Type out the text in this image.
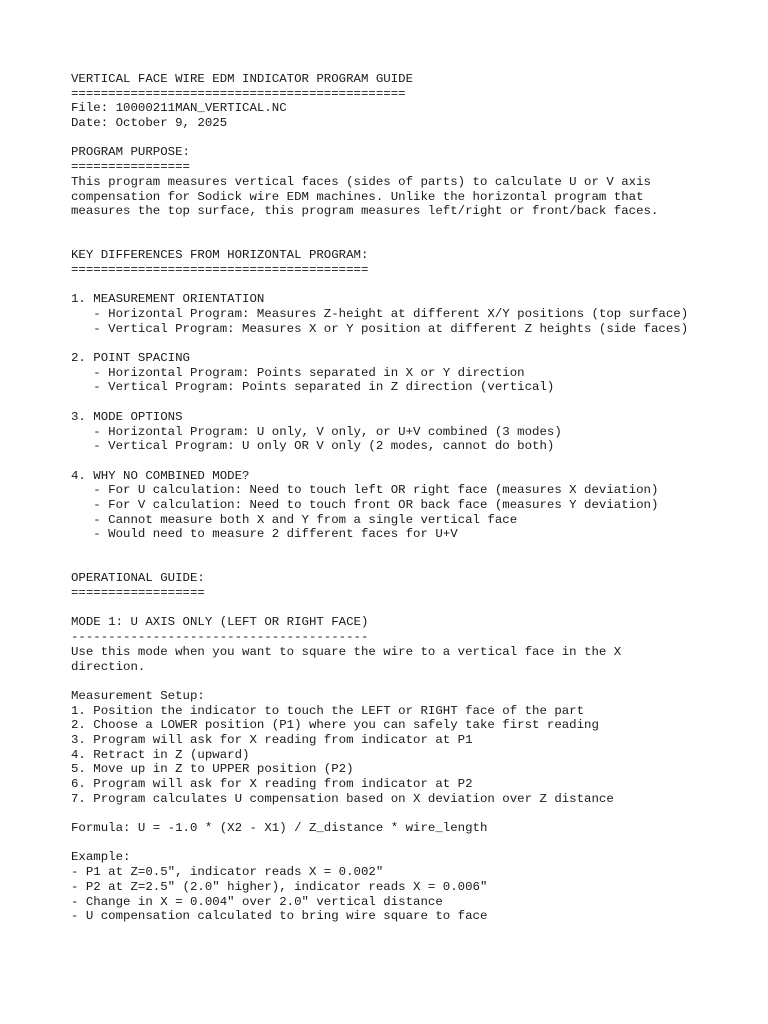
VERTICAL FACE WIRE EDM INDICATOR PROGRAM GUIDE
=============================================
File: 10000211MAN_VERTICAL.NC
Date: October 9, 2025
PROGRAM PURPOSE:
================
This program measures vertical faces (sides of parts) to calculate U or V axis
compensation for Sodick wire EDM machines. Unlike the horizontal program that
measures the top surface, this program measures left/right or front/back faces.
KEY DIFFERENCES FROM HORIZONTAL PROGRAM:
========================================
1. MEASUREMENT ORIENTATION
- Horizontal Program: Measures Z-height at different X/Y positions (top surface)
- Vertical Program: Measures X or Y position at different Z heights (side faces)
2. POINT SPACING
- Horizontal Program: Points separated in X or Y direction
- Vertical Program: Points separated in Z direction (vertical)
3. MODE OPTIONS
- Horizontal Program: U only, V only, or U+V combined (3 modes)
- Vertical Program: U only OR V only (2 modes, cannot do both)
4. WHY NO COMBINED MODE?
- For U calculation: Need to touch left OR right face (measures X deviation)
- For V calculation: Need to touch front OR back face (measures Y deviation)
- Cannot measure both X and Y from a single vertical face
- Would need to measure 2 different faces for U+V
OPERATIONAL GUIDE:
==================
MODE 1: U AXIS ONLY (LEFT OR RIGHT FACE)
----------------------------------------
Use this mode when you want to square the wire to a vertical face in the X
direction.
Measurement Setup:
1. Position the indicator to touch the LEFT or RIGHT face of the part
2. Choose a LOWER position (P1) where you can safely take first reading
3. Program will ask for X reading from indicator at P1
4. Retract in Z (upward)
5. Move up in Z to UPPER position (P2)
6. Program will ask for X reading from indicator at P2
7. Program calculates U compensation based on X deviation over Z distance
Formula: U = -1.0 * (X2 - X1) / Z_distance * wire_length
Example:
- P1 at Z=0.5", indicator reads X = 0.002"
- P2 at Z=2.5" (2.0" higher), indicator reads X = 0.006"
- Change in X = 0.004" over 2.0" vertical distance
- U compensation calculated to bring wire square to face
